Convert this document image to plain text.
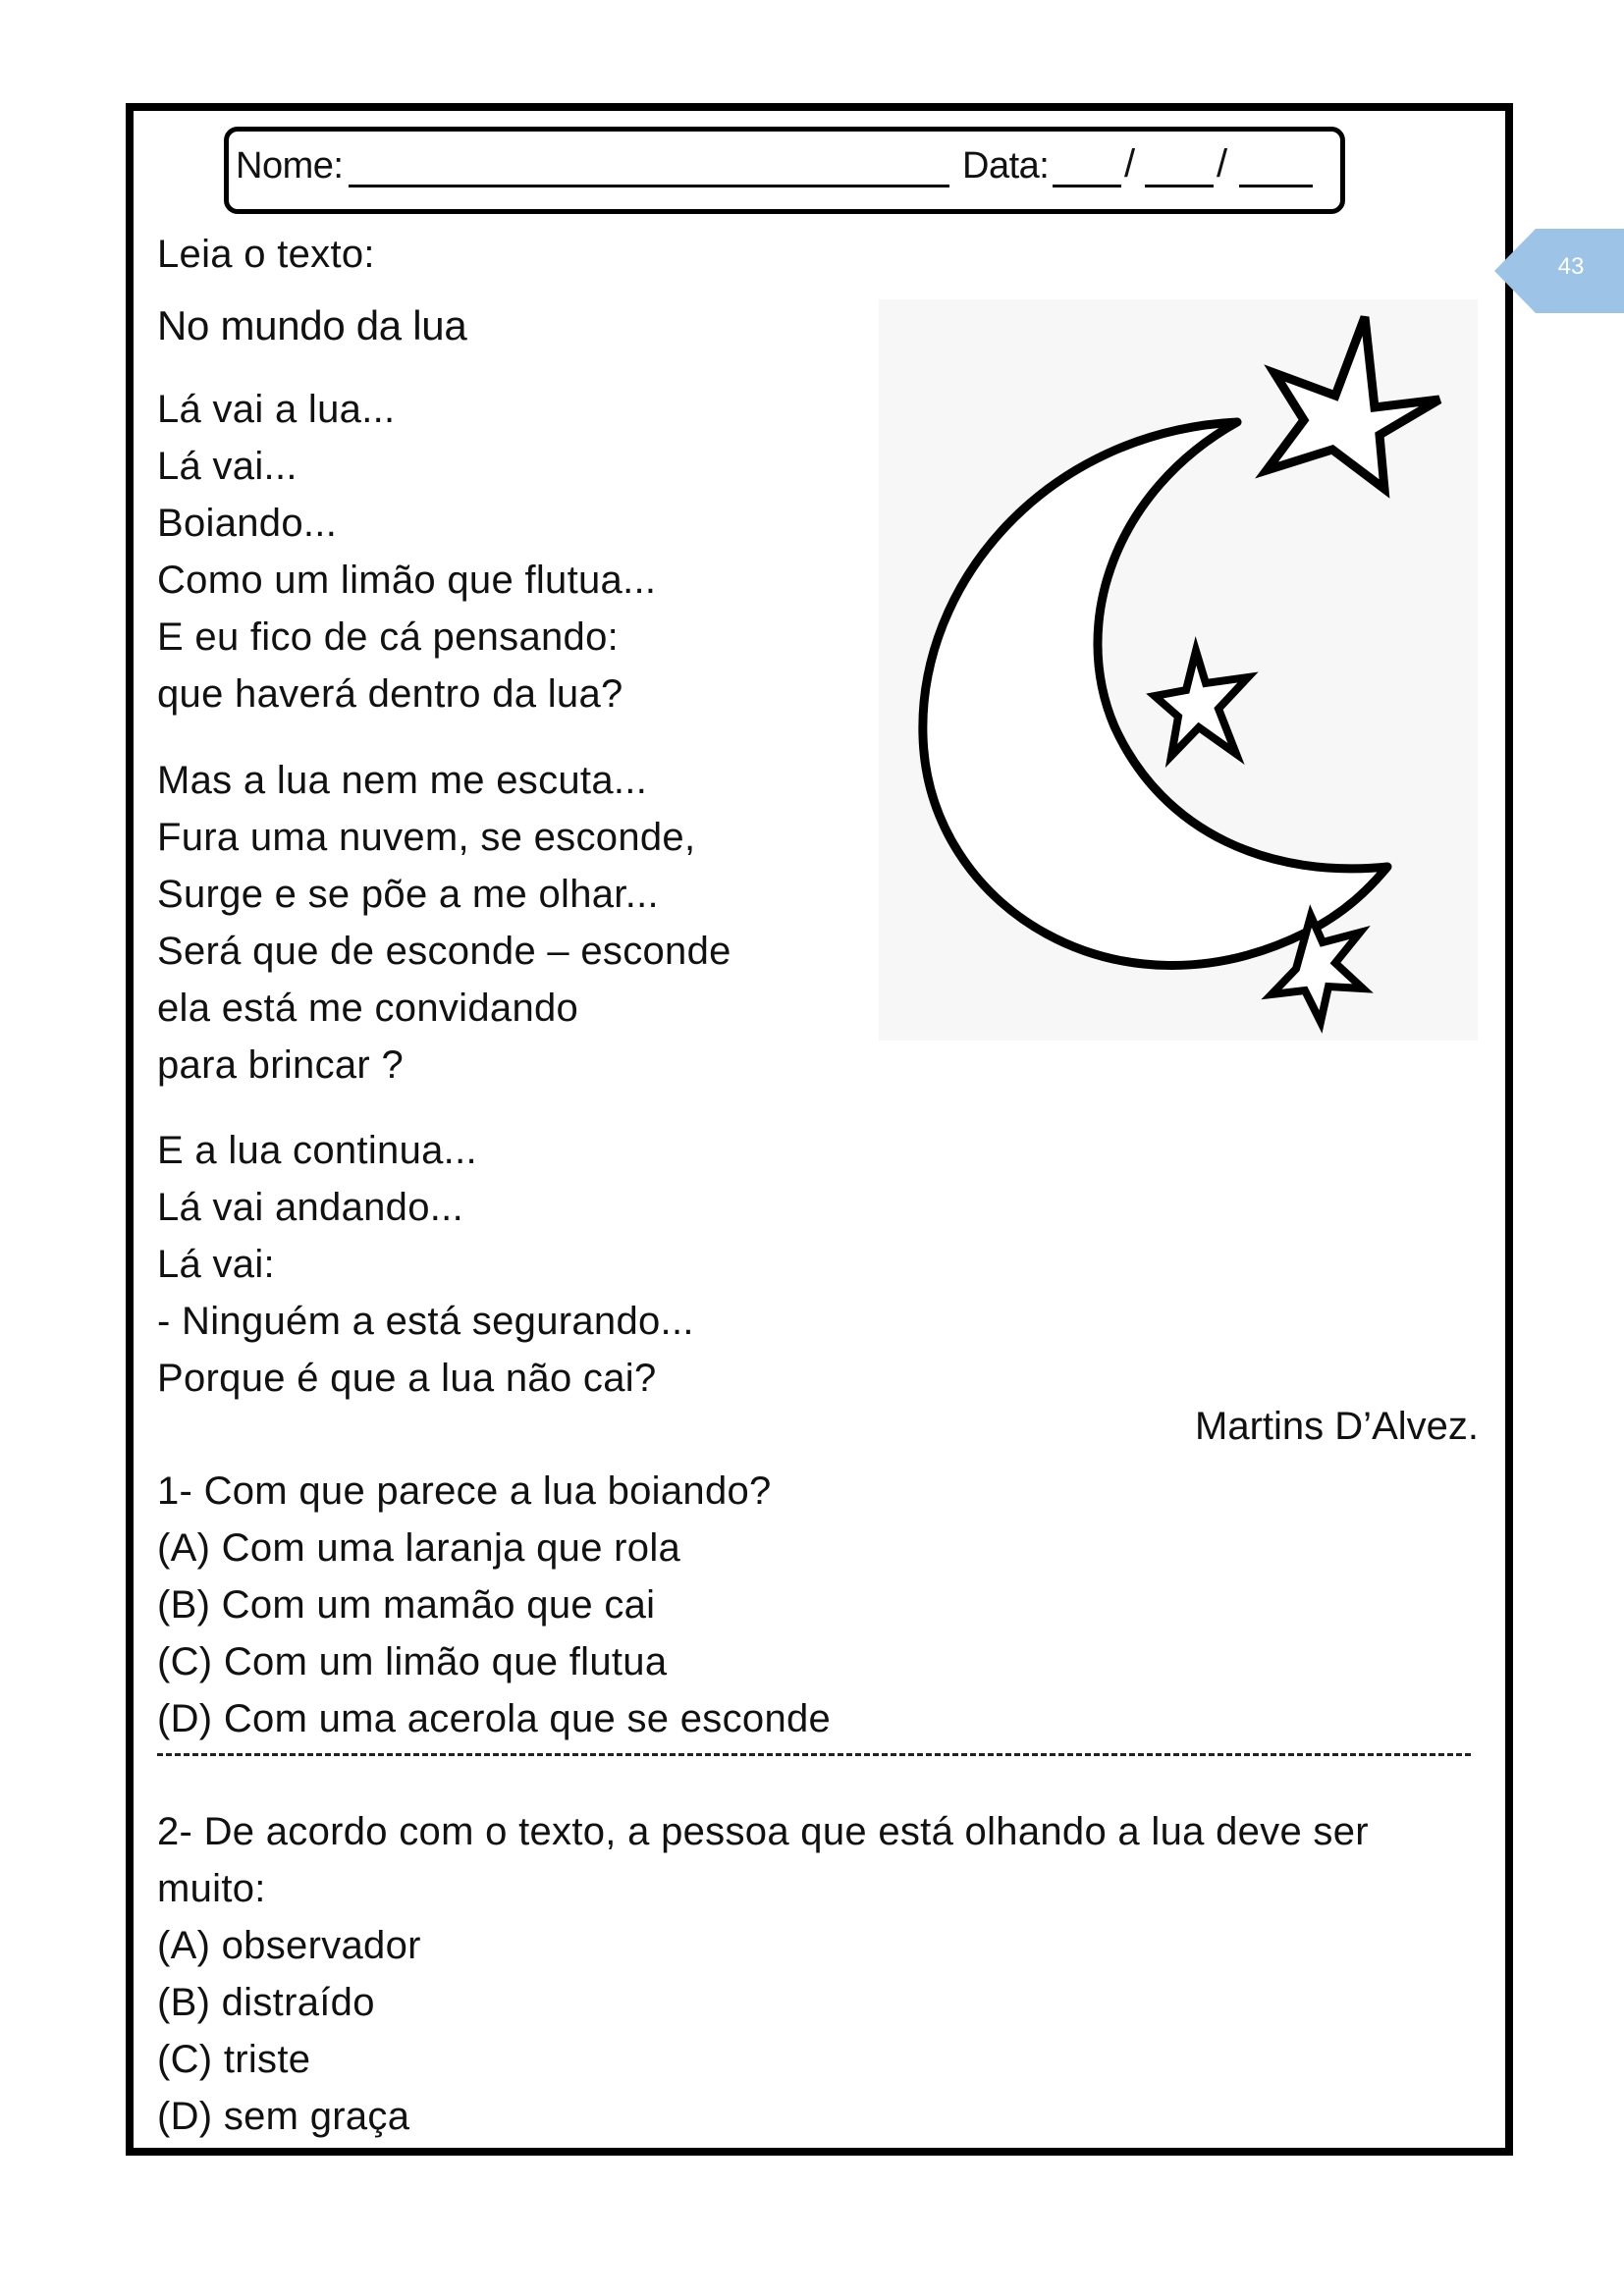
Nome:	Data: / /
43
Leia o texto:
No mundo da lua
Lá vai a lua...
Lá vai...
Boiando...
Como um limão que flutua...
E eu fico de cá pensando:
que haverá dentro da lua?
Mas a lua nem me escuta...
Fura uma nuvem, se esconde,
Surge e se põe a me olhar...
Será que de esconde – esconde
ela está me convidando
para brincar ?
E a lua continua...
Lá vai andando...
Lá vai:
- Ninguém a está segurando...
Porque é que a lua não cai?
Martins D’Alvez.
1- Com que parece a lua boiando?
(A) Com uma laranja que rola
(B) Com um mamão que cai
(C) Com um limão que flutua
(D) Com uma acerola que se esconde
2- De acordo com o texto, a pessoa que está olhando a lua deve ser
muito:
(A) observador
(B) distraído
(C) triste
(D) sem graça
